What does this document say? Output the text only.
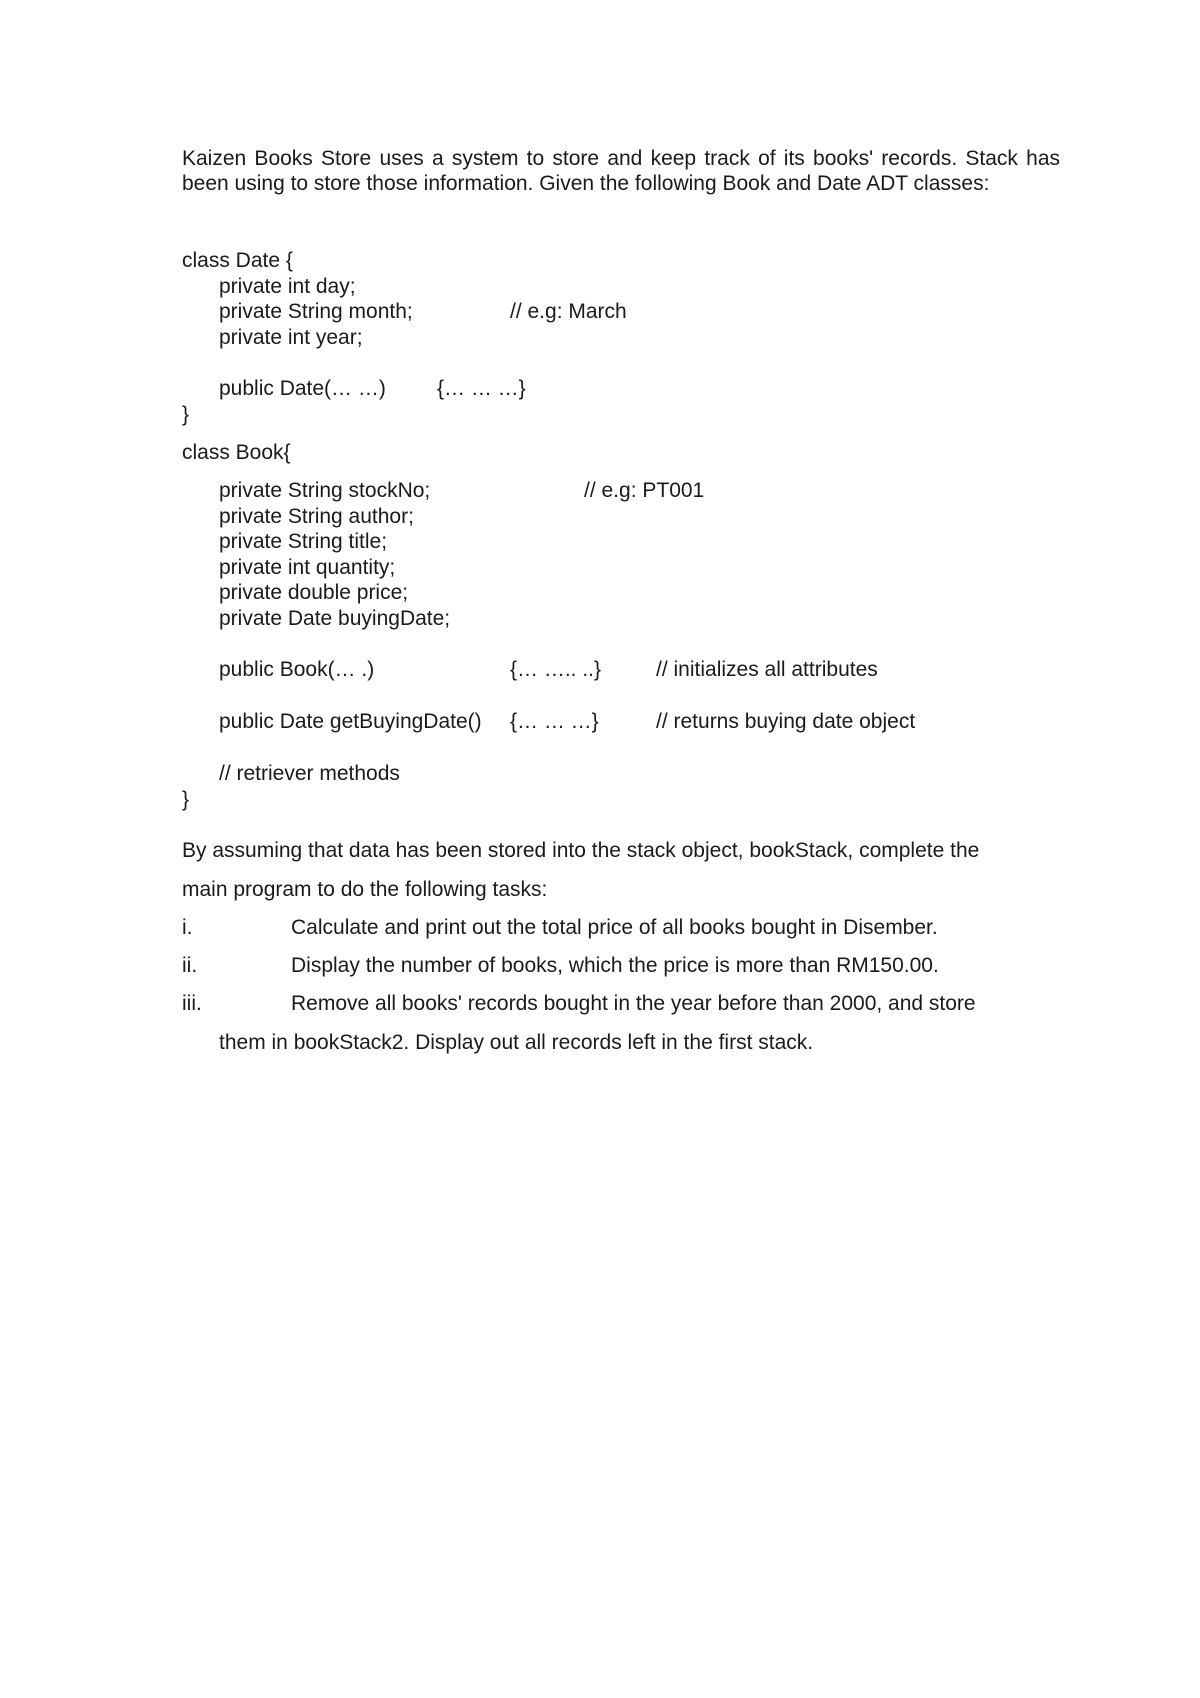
Kaizen Books Store uses a system to store and keep track of its books' records. Stack has been using to store those information. Given the following Book and Date ADT classes:

class Date {
private int day;
private String month;	// e.g: March
private int year;
public Date(… …) {… … …}
}
class Book{
private String stockNo;	// e.g: PT001
private String author;
private String title;
private int quantity;
private double price;
private Date buyingDate;
public Book(… .)	{… ….. ..}	// initializes all attributes
public Date getBuyingDate() {… … …}	// returns buying date object
// retriever methods
}
By assuming that data has been stored into the stack object, bookStack, complete the
main program to do the following tasks:
i.	Calculate and print out the total price of all books bought in Disember.
ii.	Display the number of books, which the price is more than RM150.00.
iii.	Remove all books' records bought in the year before than 2000, and store
them in bookStack2. Display out all records left in the first stack.
